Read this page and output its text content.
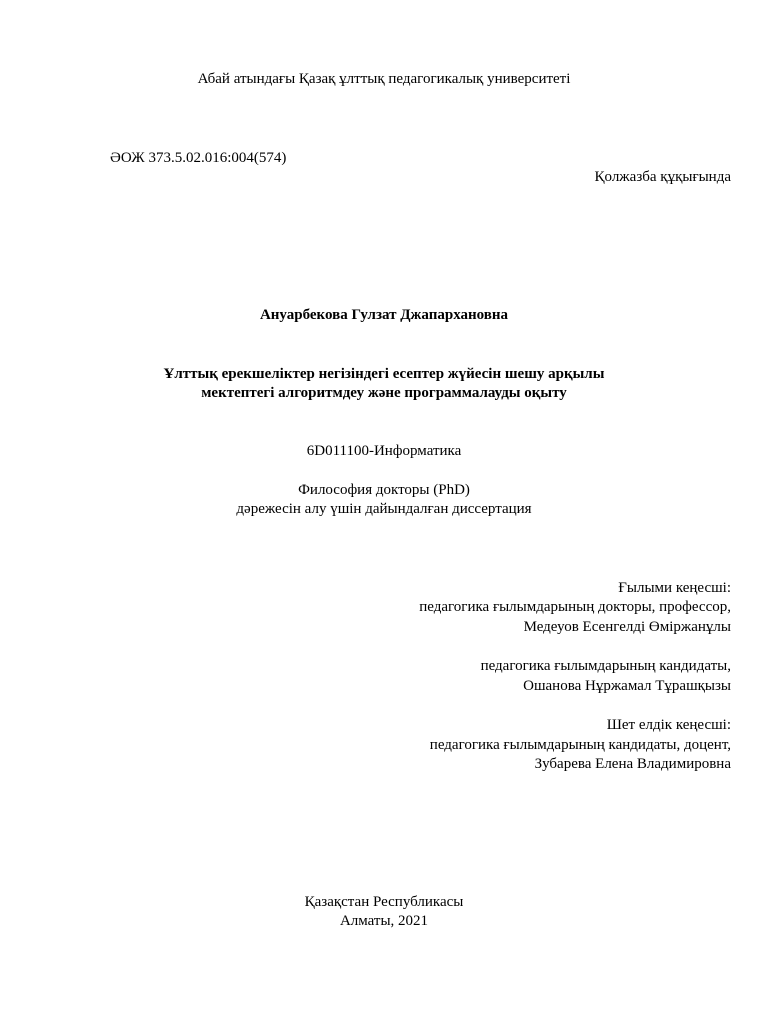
Абай атындағы Қазақ ұлттық педагогикалық университеті
ӘОЖ 373.5.02.016:004(574)
Қолжазба құқығында
Ануарбекова Гулзат Джапархановна
Ұлттық ерекшеліктер негізіндегі есептер жүйесін шешу арқылы
мектептегі алгоритмдеу және программалауды оқыту
6D011100-Информатика
Философия докторы (PhD)
дәрежесін алу үшін дайындалған диссертация
Ғылыми кеңесші:
педагогика ғылымдарының докторы, профессор,
Медеуов Есенгелді Өміржанұлы
педагогика ғылымдарының кандидаты,
Ошанова Нұржамал Тұрашқызы
Шет елдік кеңесші:
педагогика ғылымдарының кандидаты, доцент,
Зубарева Елена Владимировна
Қазақстан Республикасы
Алматы, 2021
